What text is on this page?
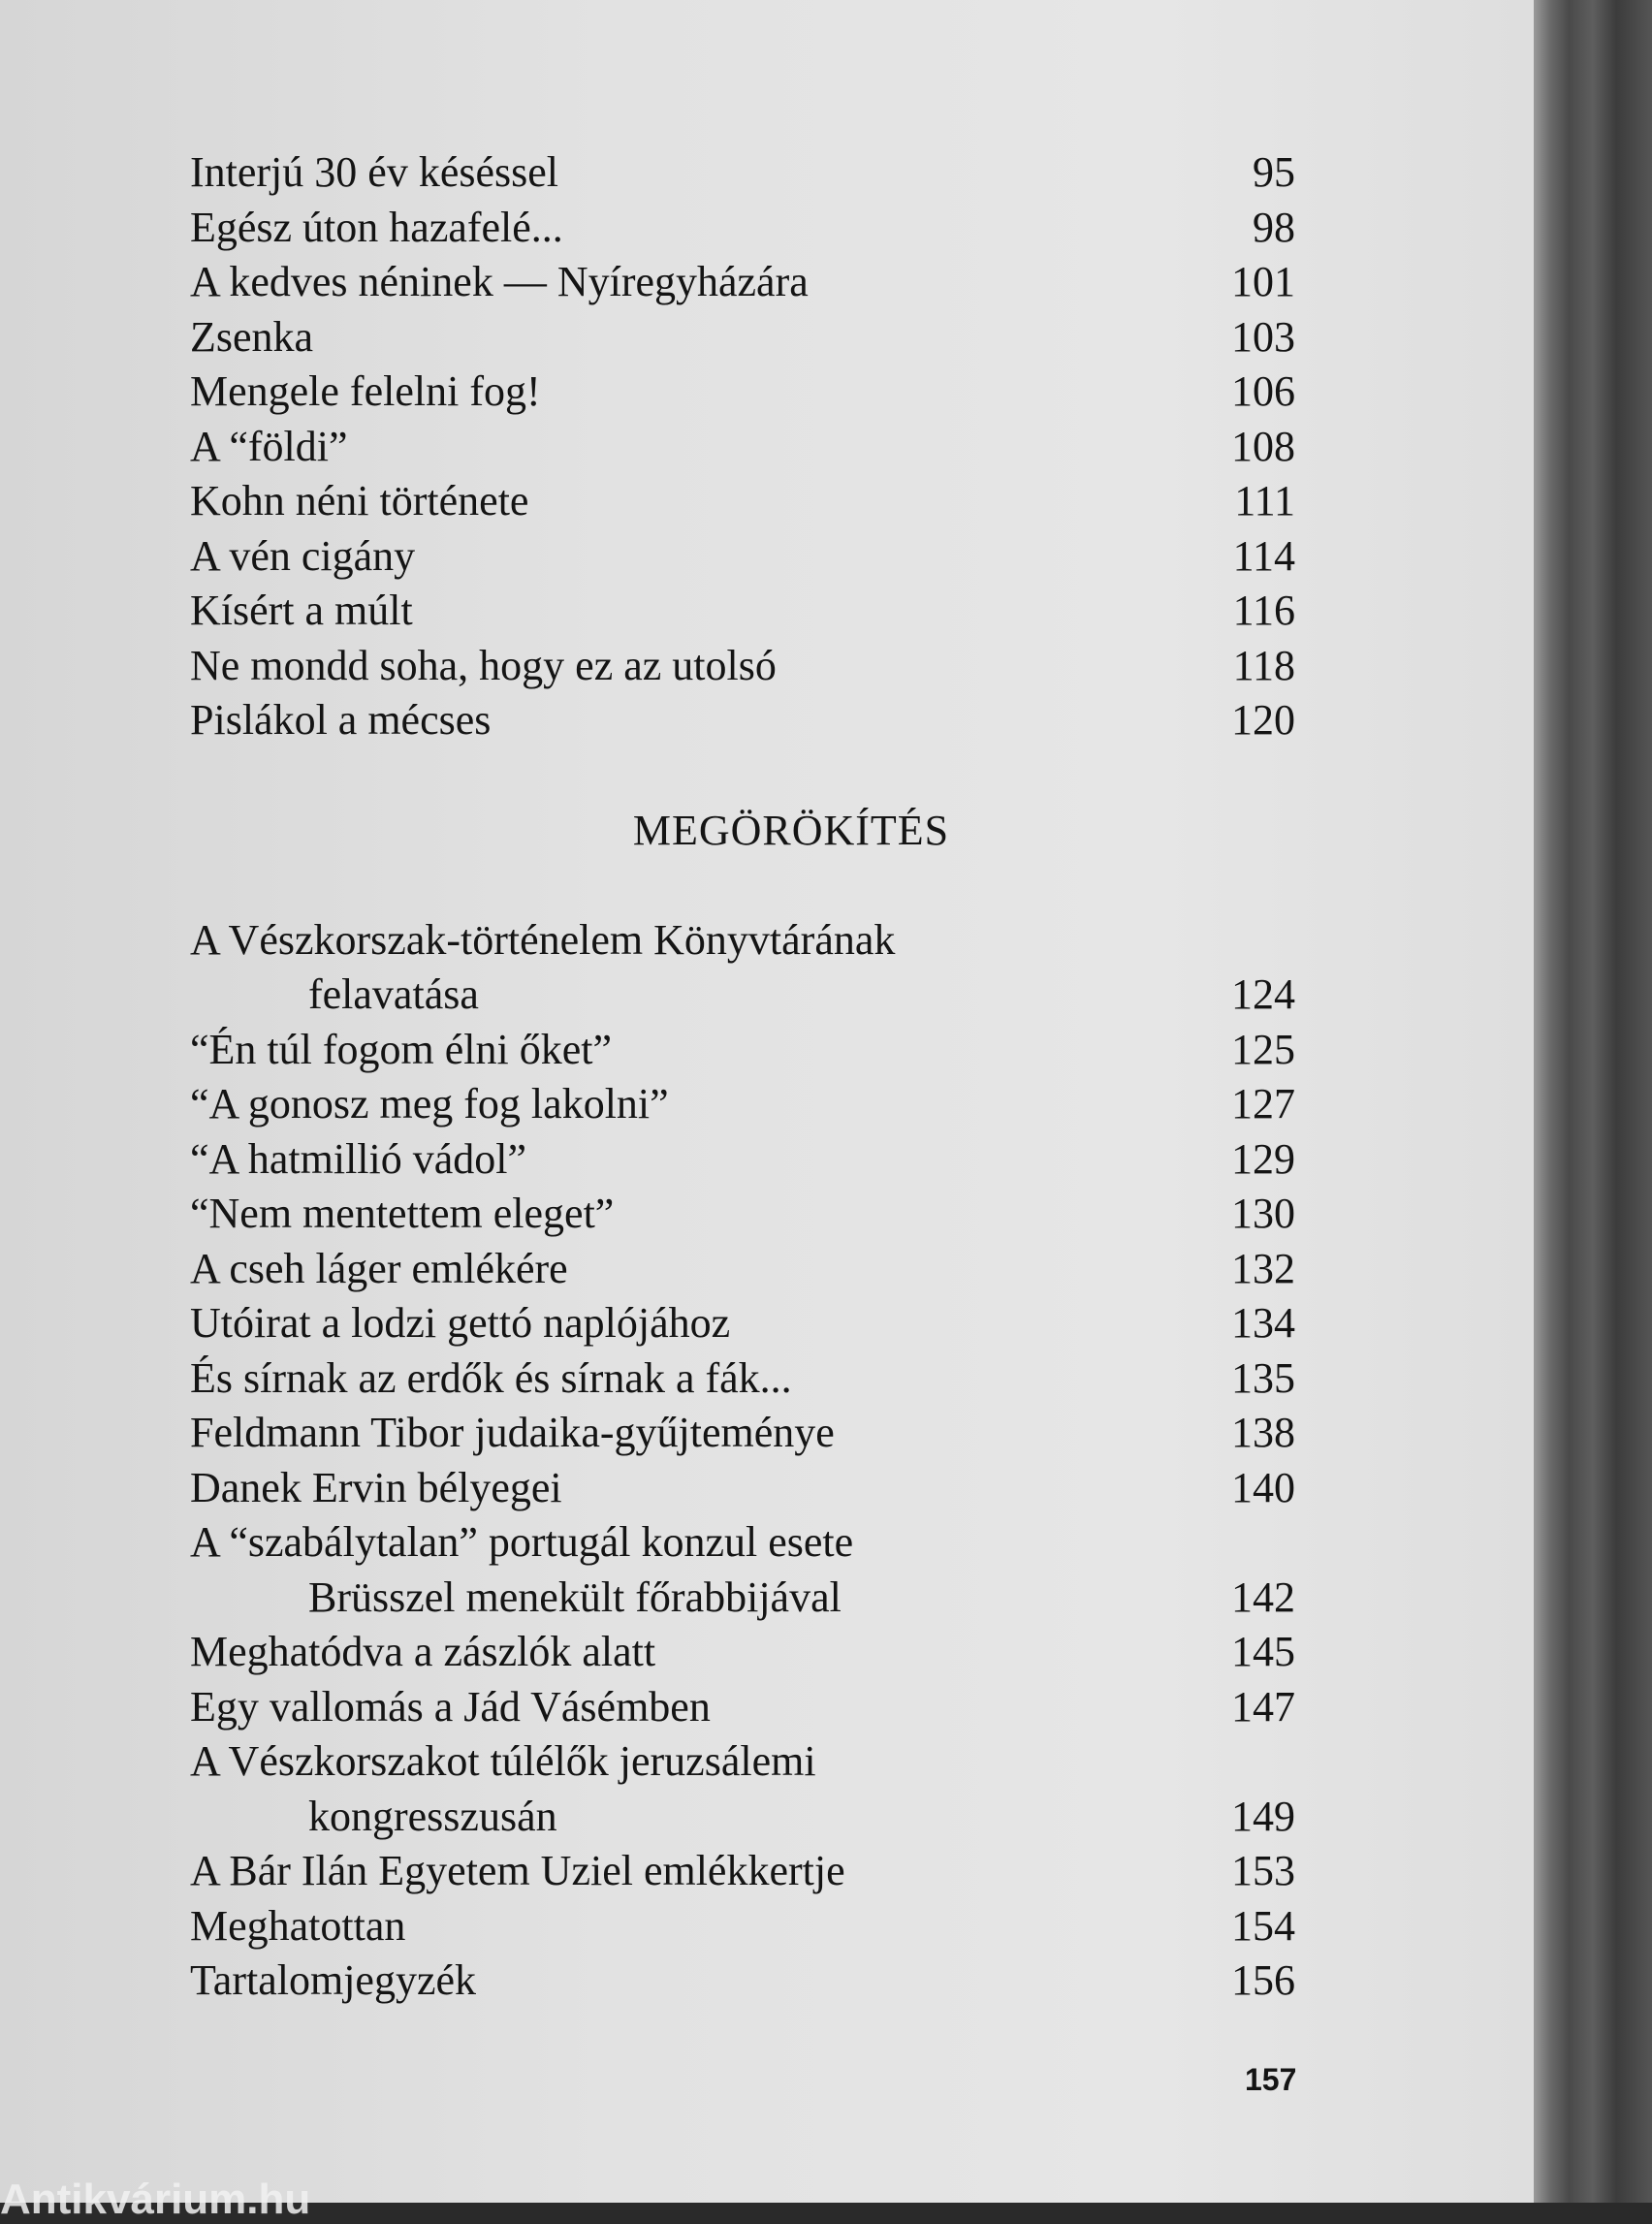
Interjú 30 év késéssel	95
Egész úton hazafelé...	98
A kedves néninek — Nyíregyházára	101
Zsenka	103
Mengele felelni fog!	106
A “földi”	108
Kohn néni története	111
A vén cigány	114
Kísért a múlt	116
Ne mondd soha, hogy ez az utolsó	118
Pislákol a mécses	120
MEGÖRÖKÍTÉS
A Vészkorszak-történelem Könyvtárának
felavatása	124
“Én túl fogom élni őket”	125
“A gonosz meg fog lakolni”	127
“A hatmillió vádol”	129
“Nem mentettem eleget”	130
A cseh láger emlékére	132
Utóirat a lodzi gettó naplójához	134
És sírnak az erdők és sírnak a fák...	135
Feldmann Tibor judaika-gyűjteménye	138
Danek Ervin bélyegei	140
A “szabálytalan” portugál konzul esete
Brüsszel menekült főrabbijával	142
Meghatódva a zászlók alatt	145
Egy vallomás a Jád Vásémben	147
A Vészkorszakot túlélők jeruzsálemi
kongresszusán	149
A Bár Ilán Egyetem Uziel emlékkertje	153
Meghatottan	154
Tartalomjegyzék	156
157
Antikvárium.hu
